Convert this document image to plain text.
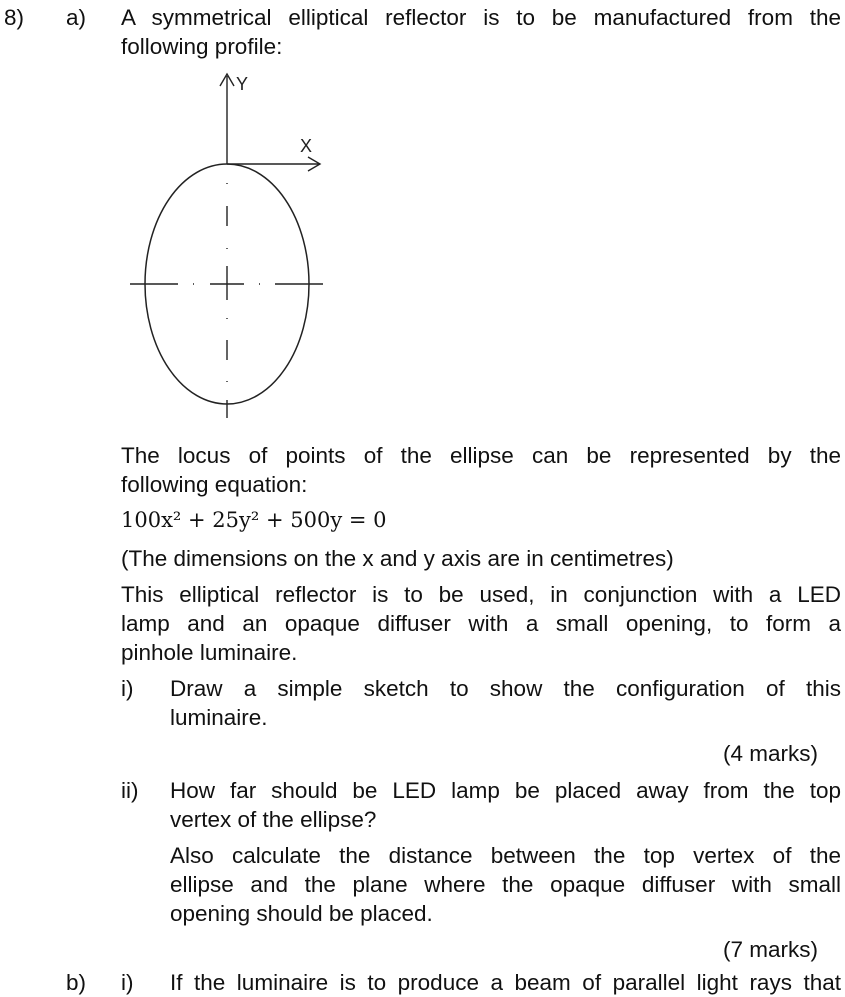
8) a) A symmetrical elliptical reflector is to be manufactured from the
following profile:
Y
X
The locus of points of the ellipse can be represented by the
following equation:
100x² + 25y² + 500y = 0
(The dimensions on the x and y axis are in centimetres)
This elliptical reflector is to be used, in conjunction with a LED
lamp and an opaque diffuser with a small opening, to form a
pinhole luminaire.
i) Draw a simple sketch to show the configuration of this
luminaire.
(4 marks)
ii) How far should be LED lamp be placed away from the top
vertex of the ellipse?
Also calculate the distance between the top vertex of the
ellipse and the plane where the opaque diffuser with small
opening should be placed.
(7 marks)
b) i) If the luminaire is to produce a beam of parallel light rays that
